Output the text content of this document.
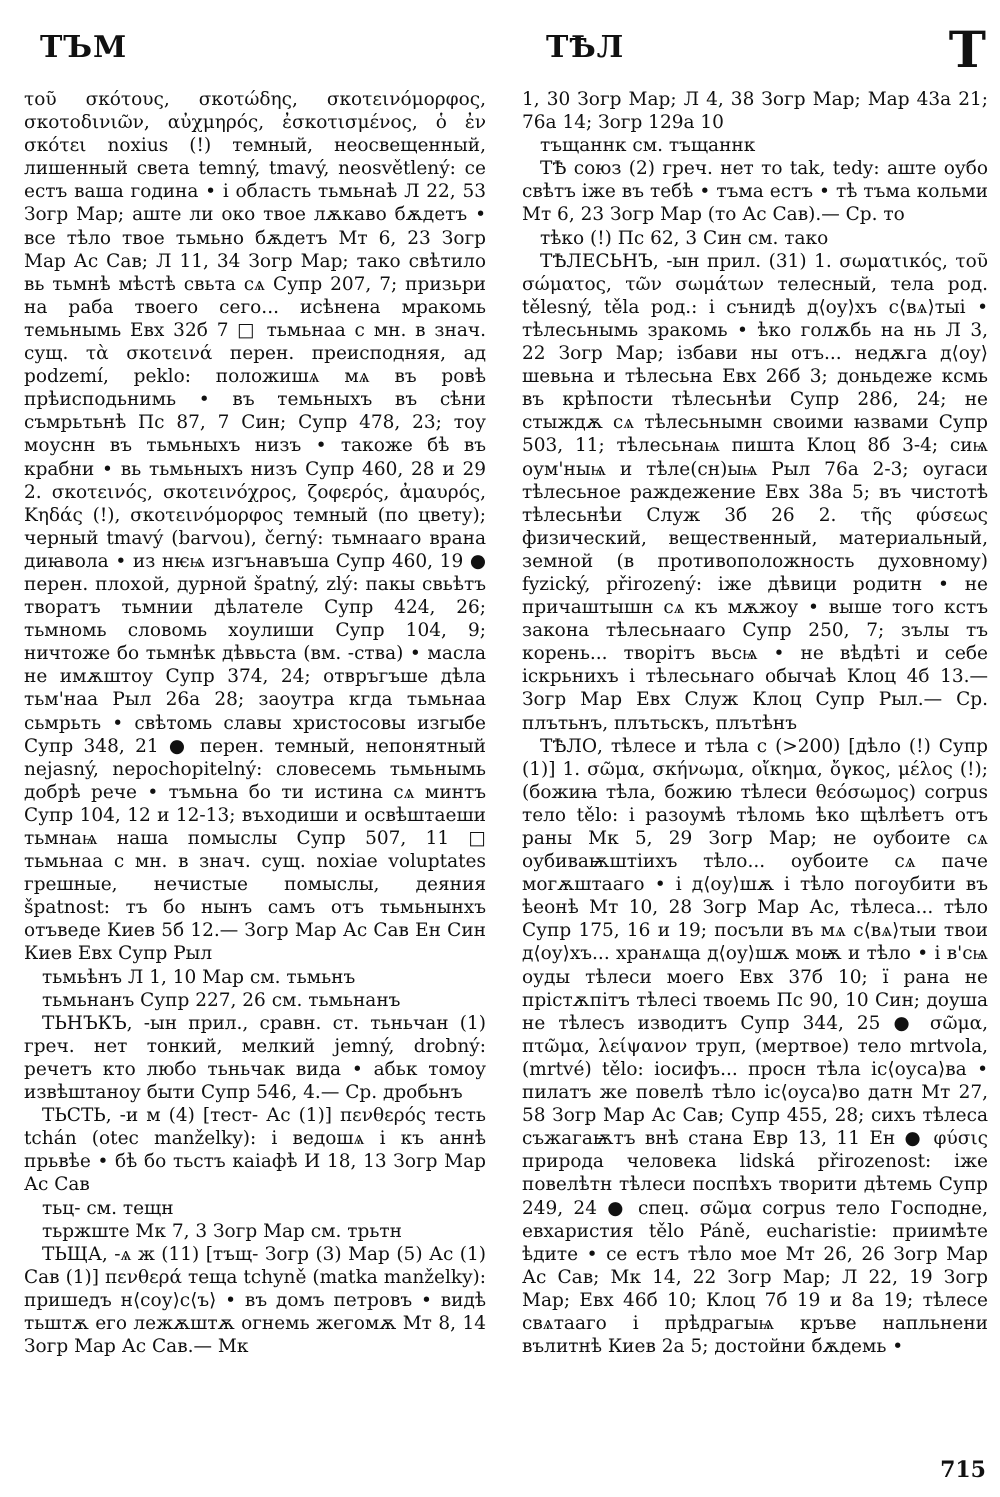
ТЪМ	ТѢЛ	Т

τοῦ σκότους, σκοτώδης, σκοτεινόμορφος, σκοτοδινιῶν, αὐχμηρός, ἐσκοτισμένος, ὁ ἐν σκότει noxius (!) темный, неосвещенный, лишенный света temný, tmavý, neosvětlený: се естъ ваша година • і область тьмьнаѣ Л 22, 53 Зогр Мар; аште ли око твое лѫкаво бѫдетъ • все тѣло твое тьмьно бѫдетъ Мт 6, 23 Зогр Мар Ас Сав; Л 11, 34 Зогр Мар; тако свѣтило вь тьмнѣ мѣстѣ свьта сѧ Супр 207, 7; призьри на раба твоего сего... исѣнена мракомь темьнымь Евх 32б 7 □ тьмьнаа с мн. в знач. сущ. τὰ σκοτεινά перен. преисподняя, ад podzemí, peklo: положишѧ мѧ въ ровѣ прѣисподьнимь • въ темьныхъ въ сѣни съмрьтьнѣ Пс 87, 7 Син; Супр 478, 23; тоу моуснн въ тьмьныхъ низъ • такоже бѣ въ крабни • вь тьмьныхъ низъ Супр 460, 28 и 29 2. σκοτεινός, σκοτεινόχρος, ζοφερός, ἀμαυρός, Κηδάς (!), σκοτεινόμορφος темный (по цвету); черный tmavý (barvou), černý: тьмнааго врана диꙗвола • из нѥѩ изгънавъша Супр 460, 19 ● перен. плохой, дурной špatný, zlý: пакы свьѣтъ творатъ тьмнии дѣлателе Супр 424, 26; тьмномь словомь хоулиши Супр 104, 9; ничтоже бо тьмнѣк дѣвьста (вм. -ства) • масла не имѫштоу Супр 374, 24; отвръгъше дѣла тьм'наа Рыл 26а 28; заоутра кгда тьмьнаа сьмрьть • свѣтомь славы христосовы изгыбе Супр 348, 21 ● перен. темный, непонятный nejasný, nepochopitelný: словесемь тьмьнымь добрѣ рече • тъмьна бо ти истина сѧ минтъ Супр 104, 12 и 12-13; въходиши и освѣштаеши тьмнаѩ наша помыслы Супр 507, 11 □ тьмьнаа с мн. в знач. сущ. noxiae voluptates грешные, нечистые помыслы, деяния špatnost: тъ бо нынъ самъ отъ тьмьнынхъ отъведе Киев 5б 12.— Зогр Мар Ас Сав Ен Син Киев Евх Супр Рыл

тьмьѣнъ Л 1, 10 Мар см. тьмьнъ

тьмьнанъ Супр 227, 26 см. тьмьнанъ

ТЬНЪКЪ, -ын прил., сравн. ст. тьньчан (1) греч. нет тонкий, мелкий jemný, drobný: речетъ кто любо тьньчак вида • абьк томоу извѣштаноу быти Супр 546, 4.— Ср. дробьнъ

ТЬСТЬ, -и м (4) [тест- Ас (1)] πενθερός тесть tchán (otec manželky): і ведошѧ і къ аннѣ прьвѣе • бѣ бо тьстъ каіафѣ И 18, 13 Зогр Мар Ас Сав

тьц- см. тещн

тьржште Мк 7, 3 Зогр Мар см. трьтн

ТЬЩА, -ѧ ж (11) [тъщ- Зогр (3) Мар (5) Ас (1) Сав (1)] πενθερά теща tchyně (matka manželky): пришедъ н⟨соу⟩с⟨ъ⟩ • въ домъ петровъ • видѣ тьштѫ его лежѫштѫ огнемь жегомѫ Мт 8, 14 Зогр Мар Ас Сав.— Мк

1, 30 Зогр Мар; Л 4, 38 Зогр Мар; Мар 43а 21; 76а 14; Зогр 129а 10

тъщаннк см. тъщаннк

ТѢ союз (2) греч. нет то tak, tedy: аште оубо свѣтъ іже въ тебѣ • тъма естъ • тѣ тъма кольми Мт 6, 23 Зогр Мар (то Ас Сав).— Ср. то

тѣко (!) Пс 62, 3 Син см. тако

ТѢЛЕСЬНЪ, -ын прил. (31) 1. σωματικός, τοῦ σώματος, τῶν σωμάτων телесный, тела род. tělesný, těla род.: і сънидѣ д⟨оу⟩хъ с⟨вѧ⟩тыі • тѣлесьнымь зракомь • ѣко голѫбь на нь Л 3, 22 Зогр Мар; ізбави ны отъ... недѫга д⟨оу⟩шевьна и тѣлесьна Евх 26б 3; доньдеже ксмь въ крѣпости тѣлесьнѣи Супр 286, 24; не стыждѫ сѧ тѣлесьнымн своими ꙗзвами Супр 503, 11; тѣлесьнаѩ пишта Клоц 8б 3-4; сиѩ оум'ныѩ и тѣле(сн)ыѩ Рыл 76а 2-3; оугаси тѣлесьное раждежение Евх 38а 5; въ чистотѣ тѣлесьнѣи Служ 3б 26 2. τῆς φύσεως физический, вещественный, материальный, земной (в противоположность духовному) fyzický, přirozený: іже дѣвици родитн • не причаштышн сѧ къ мѫжоу • выше того кстъ закона тѣлесьнааго Супр 250, 7; зълы тъ корень... творітъ вьсѩ • не вѣдѣті и себе іскрьнихъ і тѣлесьнаго обычаѣ Клоц 4б 13.— Зогр Мар Евх Служ Клоц Супр Рыл.— Ср. плътьнъ, плътьскъ, плътѣнъ

ТѢЛО, тѣлесе и тѣла с (>200) [дѣло (!) Супр (1)] 1. σῶμα, σκήνωμα, οἴκημα, ὄγκος, μέλος (!); (божиꙗ тѣла, божию тѣлеси θεόσωμος) corpus тело tělo: і разоумѣ тѣломь ѣко щѣлѣетъ отъ раны Мк 5, 29 Зогр Мар; не оубоите сѧ оубиваѭштіихъ тѣло... оубоите сѧ паче могѫштааго • і д⟨оу⟩шѫ і тѣло погоубити въ ѣеонѣ Мт 10, 28 Зогр Мар Ас, тѣлеса... тѣло Супр 175, 16 и 19; посъли въ мѧ с⟨вѧ⟩тыи твои д⟨оу⟩хъ... хранѧща д⟨оу⟩шѫ моѭ и тѣло • і в'сѩ оуды тѣлеси моего Евх 37б 10; ї рана не прістѫпітъ тѣлесі твоемь Пс 90, 10 Син; доуша не тѣлесъ изводитъ Супр 344, 25 ● σῶμα, πτῶμα, λείψανον труп, (мертвое) тело mrtvola, (mrtvé) tělo: іосифъ... просн тѣла іс⟨оуса⟩ва • пилатъ же повелѣ тѣло іс⟨оуса⟩во датн Мт 27, 58 Зогр Мар Ас Сав; Супр 455, 28; сихъ тѣлеса съжагаѭтъ внѣ стана Евр 13, 11 Ен ● φύσις природа человека lidská přirozenost: іже повелѣтн тѣлеси поспѣхъ творити дѣтемь Супр 249, 24 ● спец. σῶμα corpus тело Господне, евхаристия tělo Páně, eucharistie: приимѣте ѣдите • се естъ тѣло мое Мт 26, 26 Зогр Мар Ас Сав; Мк 14, 22 Зогр Мар; Л 22, 19 Зогр Мар; Евх 46б 10; Клоц 7б 19 и 8а 19; тѣлесе свѧтааго і прѣдрагыѩ кръве напльнени вълитнѣ Киев 2а 5; достойни бѫдемь •

715
